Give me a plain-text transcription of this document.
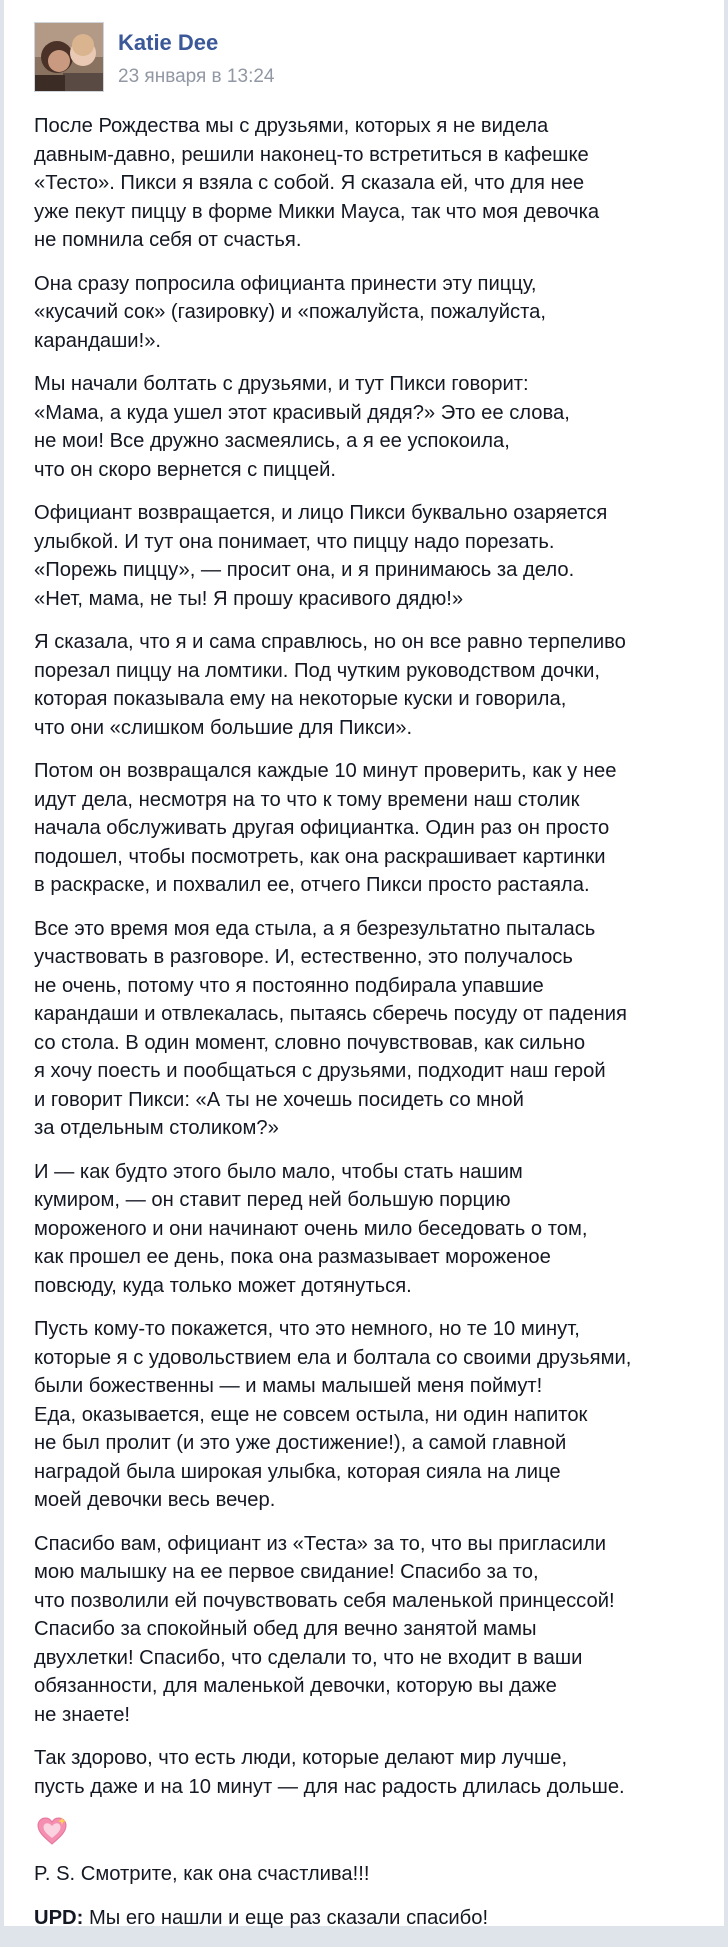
Katie Dee
23 января в 13:24

После Рождества мы с друзьями, которых я не видела
давным-давно, решили наконец-то встретиться в кафешке
«Тесто». Пикси я взяла с собой. Я сказала ей, что для нее
уже пекут пиццу в форме Микки Мауса, так что моя девочка
не помнила себя от счастья.

Она сразу попросила официанта принести эту пиццу,
«кусачий сок» (газировку) и «пожалуйста, пожалуйста,
карандаши!».

Мы начали болтать с друзьями, и тут Пикси говорит:
«Мама, а куда ушел этот красивый дядя?» Это ее слова,
не мои! Все дружно засмеялись, а я ее успокоила,
что он скоро вернется с пиццей.

Официант возвращается, и лицо Пикси буквально озаряется
улыбкой. И тут она понимает, что пиццу надо порезать.
«Порежь пиццу», — просит она, и я принимаюсь за дело.
«Нет, мама, не ты! Я прошу красивого дядю!»

Я сказала, что я и сама справлюсь, но он все равно терпеливо
порезал пиццу на ломтики. Под чутким руководством дочки,
которая показывала ему на некоторые куски и говорила,
что они «слишком большие для Пикси».

Потом он возвращался каждые 10 минут проверить, как у нее
идут дела, несмотря на то что к тому времени наш столик
начала обслуживать другая официантка. Один раз он просто
подошел, чтобы посмотреть, как она раскрашивает картинки
в раскраске, и похвалил ее, отчего Пикси просто растаяла.

Все это время моя еда стыла, а я безрезультатно пыталась
участвовать в разговоре. И, естественно, это получалось
не очень, потому что я постоянно подбирала упавшие
карандаши и отвлекалась, пытаясь сберечь посуду от падения
со стола. В один момент, словно почувствовав, как сильно
я хочу поесть и пообщаться с друзьями, подходит наш герой
и говорит Пикси: «А ты не хочешь посидеть со мной
за отдельным столиком?»

И — как будто этого было мало, чтобы стать нашим
кумиром, — он ставит перед ней большую порцию
мороженого и они начинают очень мило беседовать о том,
как прошел ее день, пока она размазывает мороженое
повсюду, куда только может дотянуться.

Пусть кому-то покажется, что это немного, но те 10 минут,
которые я с удовольствием ела и болтала со своими друзьями,
были божественны — и мамы малышей меня поймут!
Еда, оказывается, еще не совсем остыла, ни один напиток
не был пролит (и это уже достижение!), а самой главной
наградой была широкая улыбка, которая сияла на лице
моей девочки весь вечер.

Спасибо вам, официант из «Теста» за то, что вы пригласили
мою малышку на ее первое свидание! Спасибо за то,
что позволили ей почувствовать себя маленькой принцессой!
Спасибо за спокойный обед для вечно занятой мамы
двухлетки! Спасибо, что сделали то, что не входит в ваши
обязанности, для маленькой девочки, которую вы даже
не знаете!

Так здорово, что есть люди, которые делают мир лучше,
пусть даже и на 10 минут — для нас радость длилась дольше.

P. S. Смотрите, как она счастлива!!!

UPD: Мы его нашли и еще раз сказали спасибо!
